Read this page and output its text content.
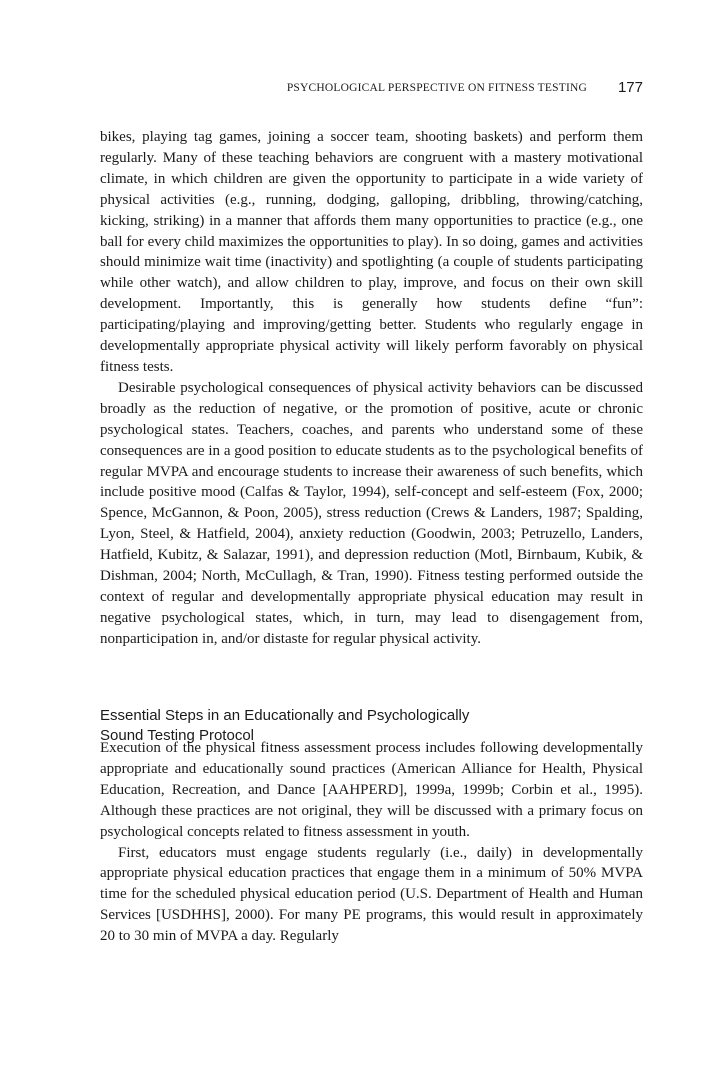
PSYCHOLOGICAL PERSPECTIVE ON FITNESS TESTING 177

bikes, playing tag games, joining a soccer team, shooting baskets) and perform them regularly. Many of these teaching behaviors are congruent with a mastery motivational climate, in which children are given the opportunity to participate in a wide variety of physical activities (e.g., running, dodging, galloping, dribbling, throwing/catching, kicking, striking) in a manner that affords them many opportunities to practice (e.g., one ball for every child maximizes the opportunities to play). In so doing, games and activities should minimize wait time (inactivity) and spotlighting (a couple of students participating while other watch), and allow children to play, improve, and focus on their own skill development. Importantly, this is generally how students define “fun”: participating/playing and improving/getting better. Students who regularly engage in developmentally appropriate physical activity will likely perform favorably on physical fitness tests.

Desirable psychological consequences of physical activity behaviors can be discussed broadly as the reduction of negative, or the promotion of positive, acute or chronic psychological states. Teachers, coaches, and parents who understand some of these consequences are in a good position to educate students as to the psychological benefits of regular MVPA and encourage students to increase their awareness of such benefits, which include positive mood (Calfas & Taylor, 1994), self-concept and self-esteem (Fox, 2000; Spence, McGannon, & Poon, 2005), stress reduction (Crews & Landers, 1987; Spalding, Lyon, Steel, & Hatfield, 2004), anxiety reduction (Goodwin, 2003; Petruzello, Landers, Hatfield, Kubitz, & Salazar, 1991), and depression reduction (Motl, Birnbaum, Kubik, & Dishman, 2004; North, McCullagh, & Tran, 1990). Fitness testing performed outside the context of regular and developmentally appropriate physical education may result in negative psychological states, which, in turn, may lead to disengagement from, nonparticipation in, and/or distaste for regular physical activity.

Essential Steps in an Educationally and Psychologically
Sound Testing Protocol

Execution of the physical fitness assessment process includes following developmentally appropriate and educationally sound practices (American Alliance for Health, Physical Education, Recreation, and Dance [AAHPERD], 1999a, 1999b; Corbin et al., 1995). Although these practices are not original, they will be discussed with a primary focus on psychological concepts related to fitness assessment in youth.

First, educators must engage students regularly (i.e., daily) in developmentally appropriate physical education practices that engage them in a minimum of 50% MVPA time for the scheduled physical education period (U.S. Department of Health and Human Services [USDHHS], 2000). For many PE programs, this would result in approximately 20 to 30 min of MVPA a day. Regularly
